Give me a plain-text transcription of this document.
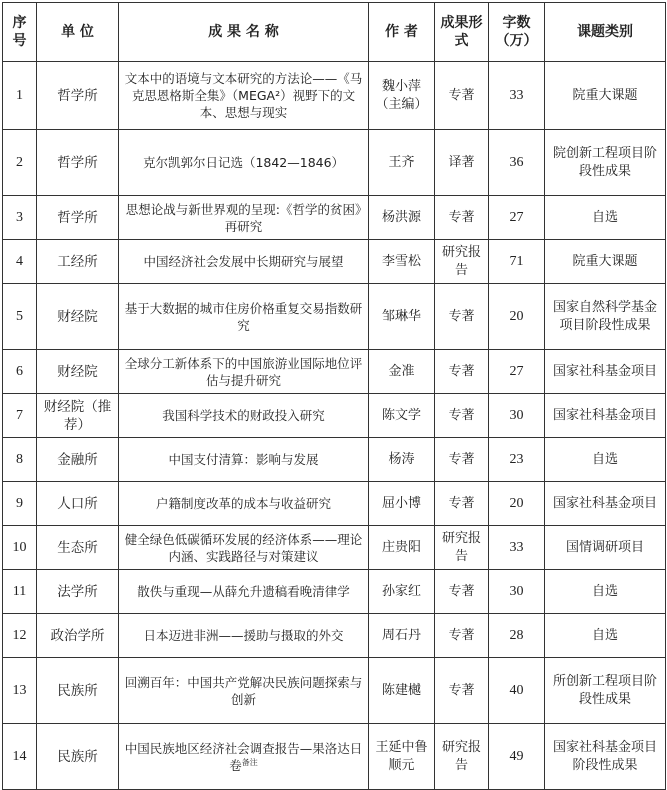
序号	单 位	成 果 名 称	作 者	成果形式	字数（万）	课题类别
1	哲学所	文本中的语境与文本研究的方法论——《马克思恩格斯全集》（MEGA²）视野下的文本、思想与现实	魏小萍（主编）	专著	33	院重大课题
2	哲学所	克尔凯郭尔日记选（1842—1846）	王齐	译著	36	院创新工程项目阶段性成果
3	哲学所	思想论战与新世界观的呈现:《哲学的贫困》再研究	杨洪源	专著	27	自选
4	工经所	中国经济社会发展中长期研究与展望	李雪松	研究报告	71	院重大课题
5	财经院	基于大数据的城市住房价格重复交易指数研究	邹琳华	专著	20	国家自然科学基金项目阶段性成果
6	财经院	全球分工新体系下的中国旅游业国际地位评估与提升研究	金准	专著	27	国家社科基金项目
7	财经院（推荐）	我国科学技术的财政投入研究	陈文学	专著	30	国家社科基金项目
8	金融所	中国支付清算：影响与发展	杨涛	专著	23	自选
9	人口所	户籍制度改革的成本与收益研究	屈小博	专著	20	国家社科基金项目
10	生态所	健全绿色低碳循环发展的经济体系——理论内涵、实践路径与对策建议	庄贵阳	研究报告	33	国情调研项目
11	法学所	散佚与重现—从薛允升遗稿看晚清律学	孙家红	专著	30	自选
12	政治学所	日本迈进非洲——援助与摄取的外交	周石丹	专著	28	自选
13	民族所	回溯百年：中国共产党解决民族问题探索与创新	陈建樾	专著	40	所创新工程项目阶段性成果
14	民族所	中国民族地区经济社会调查报告—果洛达日卷$^{备注}$	王延中鲁顺元	研究报告	49	国家社科基金项目阶段性成果
